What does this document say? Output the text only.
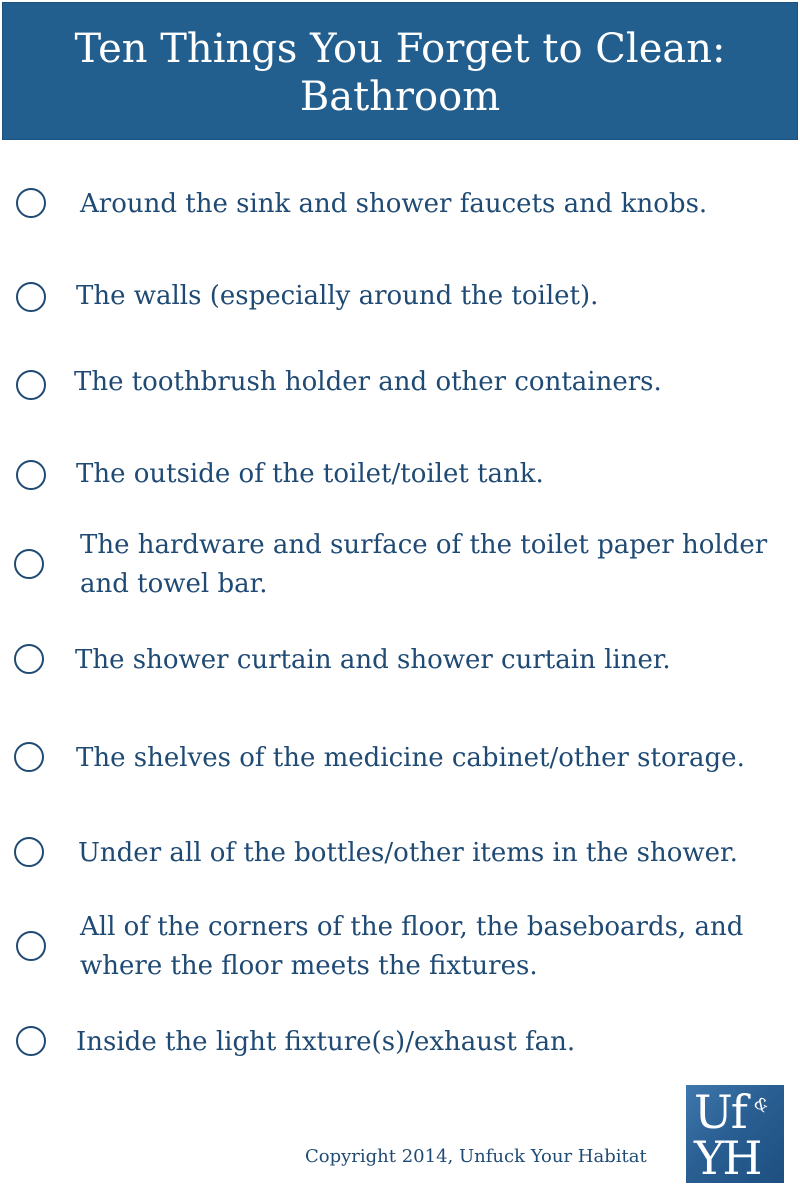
Ten Things You Forget to Clean:
Bathroom
Around the sink and shower faucets and knobs.
The walls (especially around the toilet).
The toothbrush holder and other containers.
The outside of the toilet/toilet tank.
The hardware and surface of the toilet paper holder
and towel bar.
The shower curtain and shower curtain liner.
The shelves of the medicine cabinet/other storage.
Under all of the bottles/other items in the shower.
All of the corners of the floor, the baseboards, and
where the floor meets the fixtures.
Inside the light fixture(s)/exhaust fan.
Copyright 2014, Unfuck Your Habitat
Uf &
YH
